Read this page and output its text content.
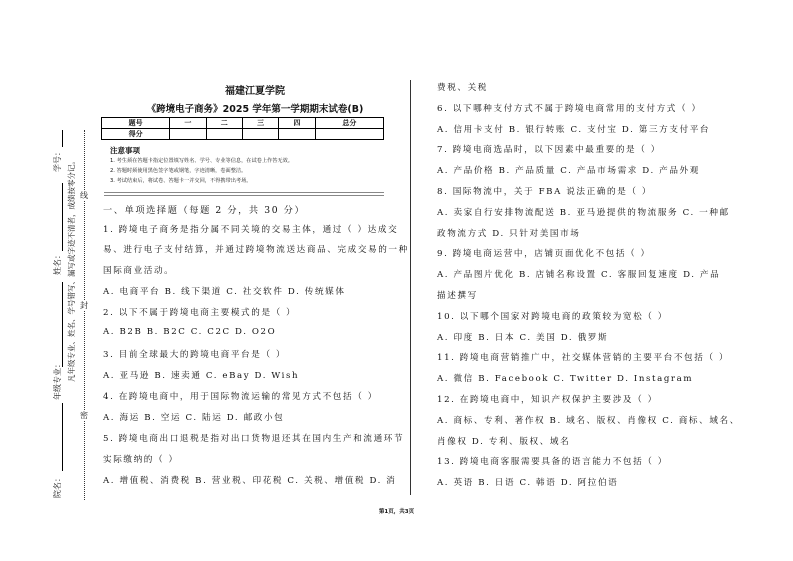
学号：
姓名：
年级专业：
院名：
凡年级专业、姓名、学号错写、漏写或字迹不清者，成绩按零分记。
密
封
线
福建江夏学院
《跨境电子商务》2025 学年第一学期期末试卷(B)
题号	一	二	三	四	总分
得分					
注意事项
1. 考生须在答题卡指定位置填写姓名、学号、专业等信息，在试卷上作答无效。
2. 答题时须使用黑色签字笔或钢笔，字迹清晰，卷面整洁。
3. 考试结束后，将试卷、答题卡一并交回，不得携带出考场。
一、单项选择题（每题 2 分，共 30 分）
1. 跨境电子商务是指分属不同关境的交易主体，通过（ ）达成交
易、进行电子支付结算，并通过跨境物流送达商品、完成交易的一种
国际商业活动。
A. 电商平台 B. 线下渠道 C. 社交软件 D. 传统媒体
2. 以下不属于跨境电商主要模式的是（ ）
A. B2B B. B2C C. C2C D. O2O
3. 目前全球最大的跨境电商平台是（ ）
A. 亚马逊 B. 速卖通 C. eBay D. Wish
4. 在跨境电商中，用于国际物流运输的常见方式不包括（ ）
A. 海运 B. 空运 C. 陆运 D. 邮政小包
5. 跨境电商出口退税是指对出口货物退还其在国内生产和流通环节
实际缴纳的（ ）
A. 增值税、消费税 B. 营业税、印花税 C. 关税、增值税 D. 消
费税、关税
6. 以下哪种支付方式不属于跨境电商常用的支付方式（ ）
A. 信用卡支付 B. 银行转账 C. 支付宝 D. 第三方支付平台
7. 跨境电商选品时，以下因素中最重要的是（ ）
A. 产品价格 B. 产品质量 C. 产品市场需求 D. 产品外观
8. 国际物流中，关于 FBA 说法正确的是（ ）
A. 卖家自行安排物流配送 B. 亚马逊提供的物流服务 C. 一种邮
政物流方式 D. 只针对美国市场
9. 跨境电商运营中，店铺页面优化不包括（ ）
A. 产品图片优化 B. 店铺名称设置 C. 客服回复速度 D. 产品
描述撰写
10. 以下哪个国家对跨境电商的政策较为宽松（ ）
A. 印度 B. 日本 C. 美国 D. 俄罗斯
11. 跨境电商营销推广中，社交媒体营销的主要平台不包括（ ）
A. 微信 B. Facebook C. Twitter D. Instagram
12. 在跨境电商中，知识产权保护主要涉及（ ）
A. 商标、专利、著作权 B. 域名、版权、肖像权 C. 商标、域名、
肖像权 D. 专利、版权、域名
13. 跨境电商客服需要具备的语言能力不包括（ ）
A. 英语 B. 日语 C. 韩语 D. 阿拉伯语
第1页，共3页
